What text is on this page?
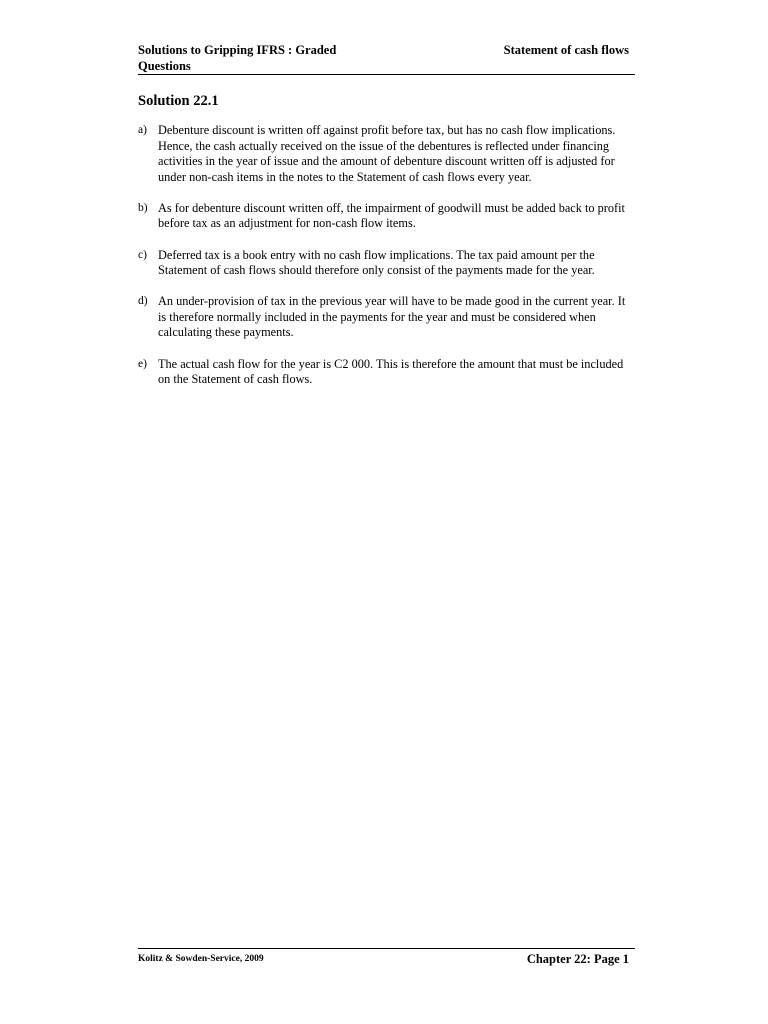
Solutions to Gripping IFRS : Graded Questions
Statement of cash flows
Solution 22.1
a) Debenture discount is written off against profit before tax, but has no cash flow implications. Hence, the cash actually received on the issue of the debentures is reflected under financing activities in the year of issue and the amount of debenture discount written off is adjusted for under non-cash items in the notes to the Statement of cash flows every year.
b) As for debenture discount written off, the impairment of goodwill must be added back to profit before tax as an adjustment for non-cash flow items.
c) Deferred tax is a book entry with no cash flow implications. The tax paid amount per the Statement of cash flows should therefore only consist of the payments made for the year.
d) An under-provision of tax in the previous year will have to be made good in the current year. It is therefore normally included in the payments for the year and must be considered when calculating these payments.
e) The actual cash flow for the year is C2 000. This is therefore the amount that must be included on the Statement of cash flows.
Kolitz & Sowden-Service, 2009	Chapter 22: Page 1
